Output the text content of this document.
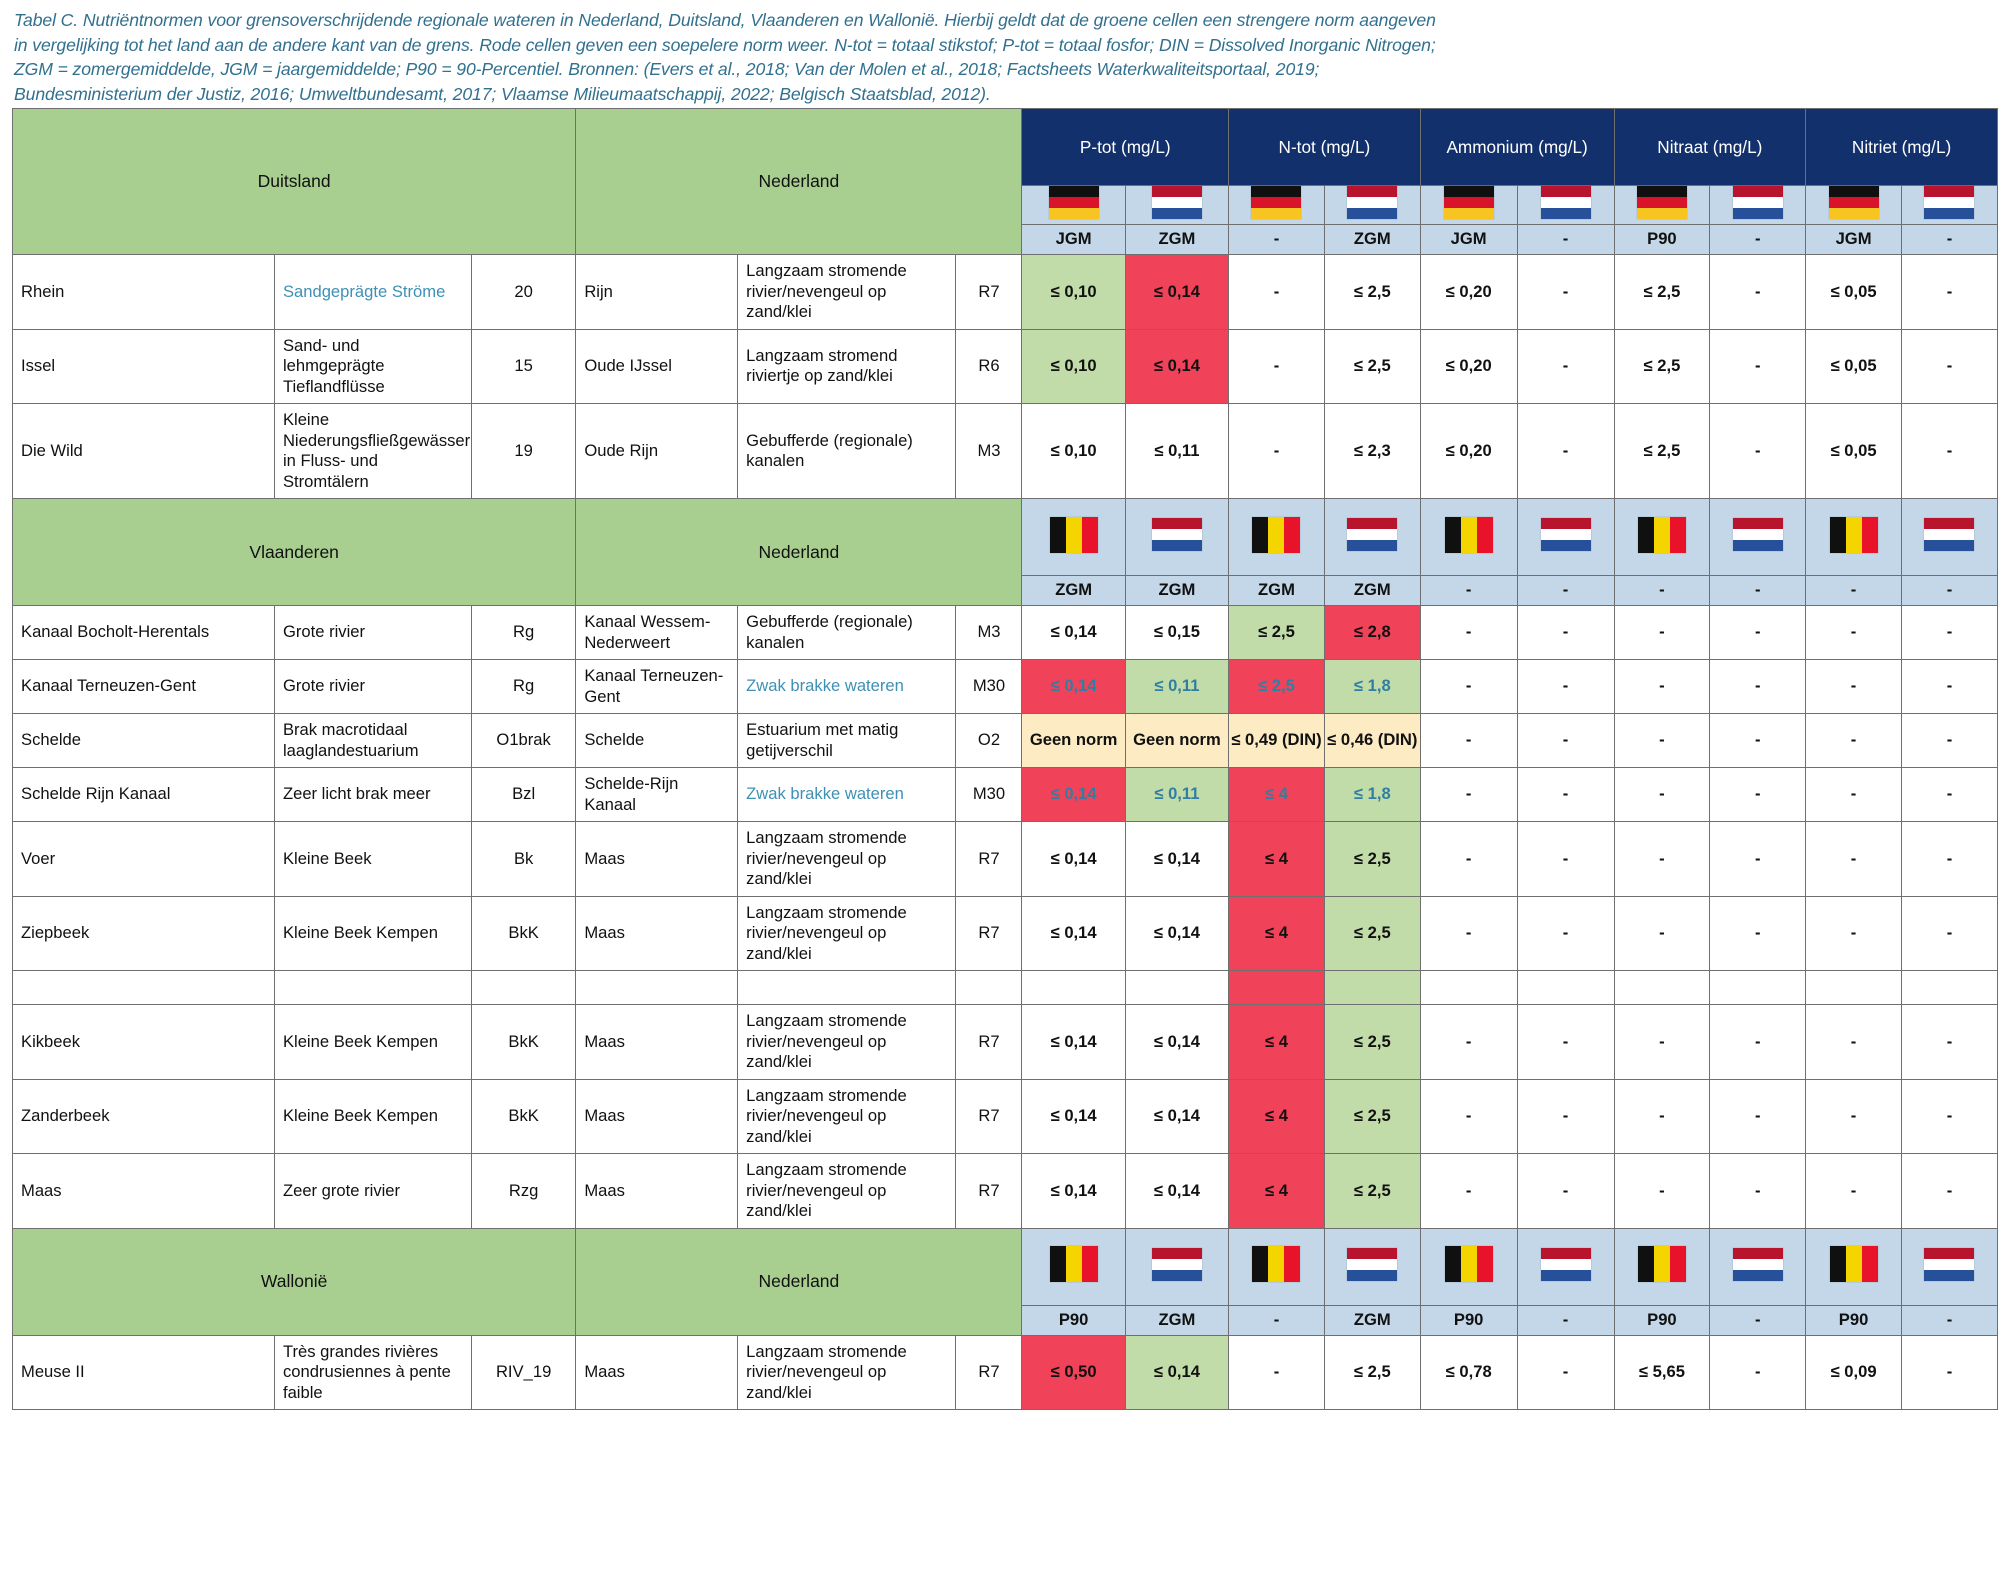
Tabel C. Nutriëntnormen voor grensoverschrijdende regionale wateren in Nederland, Duitsland, Vlaanderen en Wallonië. Hierbij geldt dat de groene cellen een strengere norm aangeven
in vergelijking tot het land aan de andere kant van de grens. Rode cellen geven een soepelere norm weer. N-tot = totaal stikstof; P-tot = totaal fosfor; DIN = Dissolved Inorganic Nitrogen;
ZGM = zomergemiddelde, JGM = jaargemiddelde; P90 = 90-Percentiel. Bronnen: (Evers et al., 2018; Van der Molen et al., 2018; Factsheets Waterkwaliteitsportaal, 2019;
Bundesministerium der Justiz, 2016; Umweltbundesamt, 2017; Vlaamse Milieumaatschappij, 2022; Belgisch Staatsblad, 2012).
Duitsland			Nederland			P-tot (mg/L)		N-tot (mg/L)		Ammonium (mg/L)		Nitraat (mg/L)		Nitriet (mg/L)	

						JGM	ZGM	-	ZGM	JGM	-	P90	-	JGM	-

Rhein	Sandgeprägte Ströme	20	Rijn	Langzaam stromende rivier/nevengeul op zand/klei	R7	≤ 0,10	≤ 0,14	-	≤ 2,5	≤ 0,20	-	≤ 2,5	-	≤ 0,05	-

Issel	Sand- und lehmgeprägte Tieflandflüsse	15	Oude IJssel	Langzaam stromend riviertje op zand/klei	R6	≤ 0,10	≤ 0,14	-	≤ 2,5	≤ 0,20	-	≤ 2,5	-	≤ 0,05	-

Die Wild	Kleine Niederungsfließgewässer in Fluss- und Stromtälern	19	Oude Rijn	Gebufferde (regionale) kanalen	M3	≤ 0,10	≤ 0,11	-	≤ 2,3	≤ 0,20	-	≤ 2,5	-	≤ 0,05	-

Vlaanderen			Nederland			

						ZGM	ZGM	ZGM	ZGM	-	-	-	-	-	-

Kanaal Bocholt-Herentals	Grote rivier	Rg	Kanaal Wessem-Nederweert	Gebufferde (regionale) kanalen	M3	≤ 0,14	≤ 0,15	≤ 2,5	≤ 2,8	-	-	-	-	-	-

Kanaal Terneuzen-Gent	Grote rivier	Rg	Kanaal Terneuzen-Gent	Zwak brakke wateren	M30	≤ 0,14	≤ 0,11	≤ 2,5	≤ 1,8	-	-	-	-	-	-

Schelde	Brak macrotidaal laaglandestuarium	O1brak	Schelde	Estuarium met matig getijverschil	O2	Geen norm	Geen norm	≤ 0,49 (DIN)	≤ 0,46 (DIN)	-	-	-	-	-	-

Schelde Rijn Kanaal	Zeer licht brak meer	Bzl	Schelde-Rijn Kanaal	Zwak brakke wateren	M30	≤ 0,14	≤ 0,11	≤ 4	≤ 1,8	-	-	-	-	-	-

Voer	Kleine Beek	Bk	Maas	Langzaam stromende rivier/nevengeul op zand/klei	R7	≤ 0,14	≤ 0,14	≤ 4	≤ 2,5	-	-	-	-	-	-

Ziepbeek	Kleine Beek Kempen	BkK	Maas	Langzaam stromende rivier/nevengeul op zand/klei	R7	≤ 0,14	≤ 0,14	≤ 4	≤ 2,5	-	-	-	-	-	-

Kikbeek	Kleine Beek Kempen	BkK	Maas	Langzaam stromende rivier/nevengeul op zand/klei	R7	≤ 0,14	≤ 0,14	≤ 4	≤ 2,5	-	-	-	-	-	-

Zanderbeek	Kleine Beek Kempen	BkK	Maas	Langzaam stromende rivier/nevengeul op zand/klei	R7	≤ 0,14	≤ 0,14	≤ 4	≤ 2,5	-	-	-	-	-	-

Maas	Zeer grote rivier	Rzg	Maas	Langzaam stromende rivier/nevengeul op zand/klei	R7	≤ 0,14	≤ 0,14	≤ 4	≤ 2,5	-	-	-	-	-	-

Wallonië			Nederland			

						P90	ZGM	-	ZGM	P90	-	P90	-	P90	-

Meuse II	Très grandes rivières condrusiennes à pente faible	RIV_19	Maas	Langzaam stromende rivier/nevengeul op zand/klei	R7	≤ 0,50	≤ 0,14	-	≤ 2,5	≤ 0,78	-	≤ 5,65	-	≤ 0,09	-
